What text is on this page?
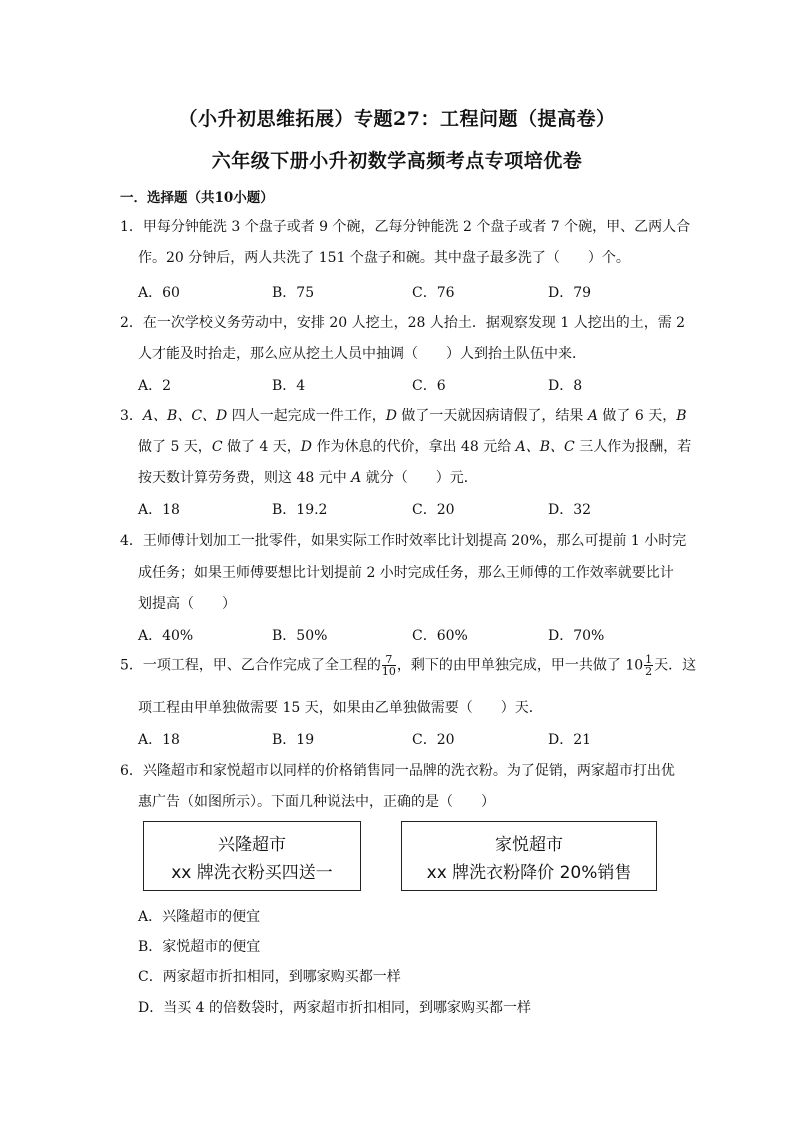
（小升初思维拓展）专题27：工程问题（提高卷）
六年级下册小升初数学高频考点专项培优卷
一．选择题（共10小题）
1．甲每分钟能洗 3 个盘子或者 9 个碗，乙每分钟能洗 2 个盘子或者 7 个碗，甲、乙两人合
作。20 分钟后，两人共洗了 151 个盘子和碗。其中盘子最多洗了（　　）个。
A．60	B．75	C．76	D．79
2．在一次学校义务劳动中，安排 20 人挖土，28 人抬土．据观察发现 1 人挖出的土，需 2
人才能及时抬走，那么应从挖土人员中抽调（　　）人到抬土队伍中来．
A．2	B．4	C．6	D．8
3．A、B、C、D 四人一起完成一件工作，D 做了一天就因病请假了，结果 A 做了 6 天，B
做了 5 天，C 做了 4 天，D 作为休息的代价，拿出 48 元给 A、B、C 三人作为报酬，若
按天数计算劳务费，则这 48 元中 A 就分（　　）元．
A．18	B．19.2	C．20	D．32
4．王师傅计划加工一批零件，如果实际工作时效率比计划提高 20%，那么可提前 1 小时完
成任务；如果王师傅要想比计划提前 2 小时完成任务，那么王师傅的工作效率就要比计
划提高（　　）
A．40%	B．50%	C．60%	D．70%
5．一项工程，甲、乙合作完成了全工程的 $\frac{7}{10}$ ，剩下的由甲单独完成，甲一共做了 $10 \frac{1}{2}$ 天．这
项工程由甲单独做需要 15 天，如果由乙单独做需要（　　）天．
A．18	B．19	C．20	D．21
6．兴隆超市和家悦超市以同样的价格销售同一品牌的洗衣粉。为了促销，两家超市打出优
惠广告（如图所示）。下面几种说法中，正确的是（　　）
兴隆超市
xx 牌洗衣粉买四送一
家悦超市
xx 牌洗衣粉降价 20%销售
A．兴隆超市的便宜
B．家悦超市的便宜
C．两家超市折扣相同，到哪家购买都一样
D．当买 4 的倍数袋时，两家超市折扣相同，到哪家购买都一样
